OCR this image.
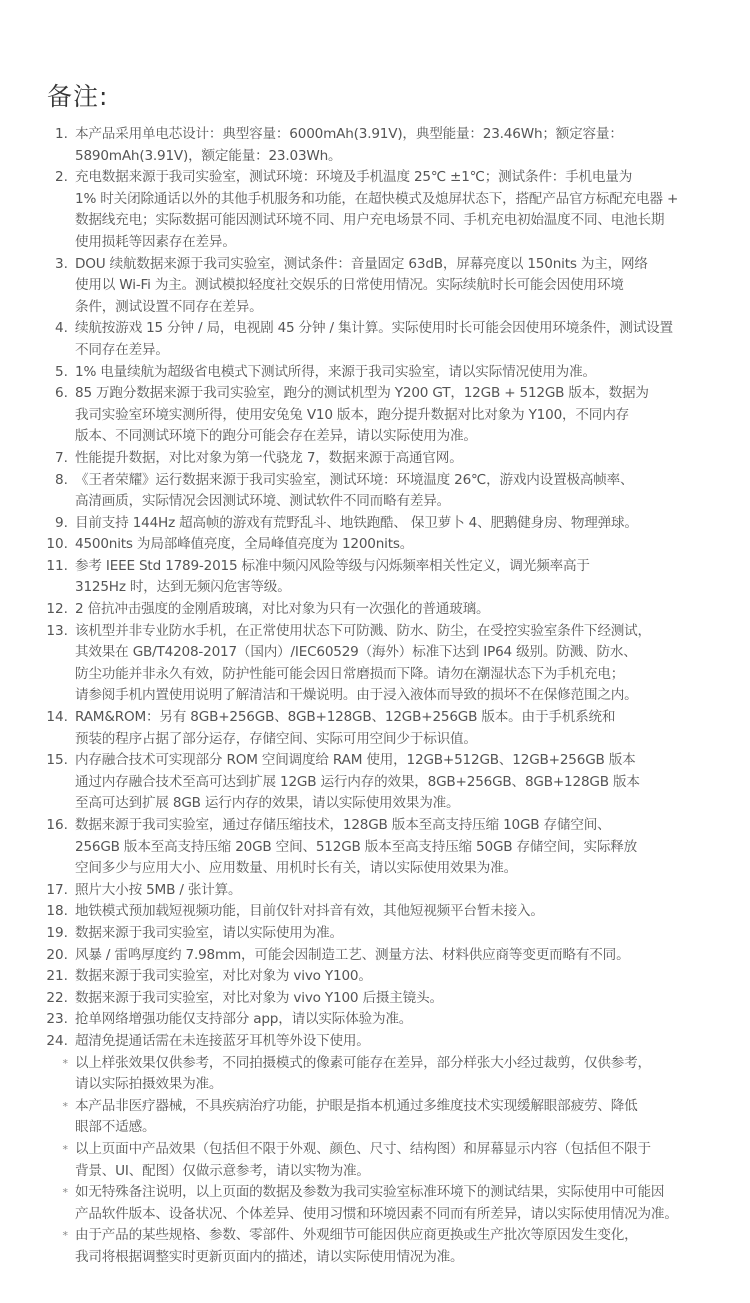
备注:
1. 本产品采用单电芯设计：典型容量：6000mAh(3.91V)，典型能量：23.46Wh；额定容量：
5890mAh(3.91V)，额定能量：23.03Wh。
2. 充电数据来源于我司实验室，测试环境：环境及手机温度 25℃ ±1℃；测试条件：手机电量为
1% 时关闭除通话以外的其他手机服务和功能，在超快模式及熄屏状态下，搭配产品官方标配充电器 +
数据线充电；实际数据可能因测试环境不同、用户充电场景不同、手机充电初始温度不同、电池长期
使用损耗等因素存在差异。
3. DOU 续航数据来源于我司实验室，测试条件：音量固定 63dB，屏幕亮度以 150nits 为主，网络
使用以 Wi-Fi 为主。测试模拟轻度社交娱乐的日常使用情况。实际续航时长可能会因使用环境
条件，测试设置不同存在差异。
4. 续航按游戏 15 分钟 / 局，电视剧 45 分钟 / 集计算。实际使用时长可能会因使用环境条件，测试设置
不同存在差异。
5. 1% 电量续航为超级省电模式下测试所得，来源于我司实验室，请以实际情况使用为准。
6. 85 万跑分数据来源于我司实验室，跑分的测试机型为 Y200 GT，12GB + 512GB 版本，数据为
我司实验室环境实测所得，使用安兔兔 V10 版本，跑分提升数据对比对象为 Y100，不同内存
版本、不同测试环境下的跑分可能会存在差异，请以实际使用为准。
7. 性能提升数据，对比对象为第一代骁龙 7，数据来源于高通官网。
8. 《王者荣耀》运行数据来源于我司实验室，测试环境：环境温度 26℃，游戏内设置极高帧率、
高清画质，实际情况会因测试环境、测试软件不同而略有差异。
9. 目前支持 144Hz 超高帧的游戏有荒野乱斗、地铁跑酷、 保卫萝卜 4、肥鹅健身房、物理弹球。
10. 4500nits 为局部峰值亮度，全局峰值亮度为 1200nits。
11. 参考 IEEE Std 1789-2015 标准中频闪风险等级与闪烁频率相关性定义，调光频率高于
3125Hz 时，达到无频闪危害等级。
12. 2 倍抗冲击强度的金刚盾玻璃，对比对象为只有一次强化的普通玻璃。
13. 该机型并非专业防水手机，在正常使用状态下可防溅、防水、防尘，在受控实验室条件下经测试，
其效果在 GB/T4208-2017（国内）/IEC60529（海外）标准下达到 IP64 级别。防溅、防水、
防尘功能并非永久有效，防护性能可能会因日常磨损而下降。请勿在潮湿状态下为手机充电；
请参阅手机内置使用说明了解清洁和干燥说明。由于浸入液体而导致的损坏不在保修范围之内。
14. RAM&ROM：另有 8GB+256GB、8GB+128GB、12GB+256GB 版本。由于手机系统和
预装的程序占据了部分运存，存储空间、实际可用空间少于标识值。
15. 内存融合技术可实现部分 ROM 空间调度给 RAM 使用，12GB+512GB、12GB+256GB 版本
通过内存融合技术至高可达到扩展 12GB 运行内存的效果，8GB+256GB、8GB+128GB 版本
至高可达到扩展 8GB 运行内存的效果，请以实际使用效果为准。
16. 数据来源于我司实验室，通过存储压缩技术，128GB 版本至高支持压缩 10GB 存储空间、
256GB 版本至高支持压缩 20GB 空间、512GB 版本至高支持压缩 50GB 存储空间，实际释放
空间多少与应用大小、应用数量、用机时长有关，请以实际使用效果为准。
17. 照片大小按 5MB / 张计算。
18. 地铁模式预加载短视频功能，目前仅针对抖音有效，其他短视频平台暂未接入。
19. 数据来源于我司实验室，请以实际使用为准。
20. 风暴 / 雷鸣厚度约 7.98mm，可能会因制造工艺、测量方法、材料供应商等变更而略有不同。
21. 数据来源于我司实验室，对比对象为 vivo Y100。
22. 数据来源于我司实验室，对比对象为 vivo Y100 后摄主镜头。
23. 抢单网络增强功能仅支持部分 app，请以实际体验为准。
24. 超清免提通话需在未连接蓝牙耳机等外设下使用。
* 以上样张效果仅供参考，不同拍摄模式的像素可能存在差异，部分样张大小经过裁剪，仅供参考，
请以实际拍摄效果为准。
* 本产品非医疗器械，不具疾病治疗功能，护眼是指本机通过多维度技术实现缓解眼部疲劳、降低
眼部不适感。
* 以上页面中产品效果（包括但不限于外观、颜色、尺寸、结构图）和屏幕显示内容（包括但不限于
背景、UI、配图）仅做示意参考，请以实物为准。
* 如无特殊备注说明，以上页面的数据及参数为我司实验室标准环境下的测试结果，实际使用中可能因
产品软件版本、设备状况、个体差异、使用习惯和环境因素不同而有所差异，请以实际使用情况为准。
* 由于产品的某些规格、参数、零部件、外观细节可能因供应商更换或生产批次等原因发生变化，
我司将根据调整实时更新页面内的描述，请以实际使用情况为准。
